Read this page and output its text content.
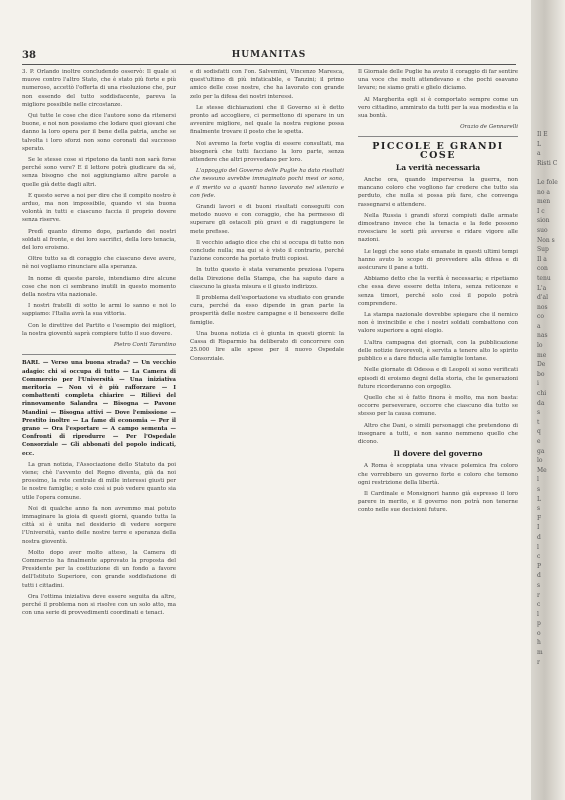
Il E
L
a
Risti C

Le fole
no a
men
I c
sion
suo
Non s
Sup
Il a
con
tenu
L'a
d'al
nos
co
a
nas
lo
me
De
bo
i
chi
da
s
t
q
e
ga
lo
Me
l
s
L
s
F
I
d
l
c
P
d
s
r
c
l
p
o
h
m
r
38	HUMANITAS

3. P. Orlando inoltre concludendo osservò: Il quale si muove contro l'altro Stato, che è stato più forte e più numeroso, accettò l'offerta di una risoluzione che, pur non essendo del tutto soddisfacente, pareva la migliore possibile nelle circostanze.

Qui tutte le cose che dice l'autore sono da ritenersi buone, e noi non possiamo che lodare quei giovani che danno la loro opera per il bene della patria, anche se talvolta i loro sforzi non sono coronati dal successo sperato.

Se le stesse cose si ripetono da tanti non sarà forse perché sono vere? E il lettore potrà giudicare da sé, senza bisogno che noi aggiungiamo altre parole a quelle già dette dagli altri.

E questo serve a noi per dire che il compito nostro è arduo, ma non impossibile, quando vi sia buona volontà in tutti e ciascuno faccia il proprio dovere senza riserve.

Predì quanto diremo dopo, parlando dei nostri soldati al fronte, e dei loro sacrifici, della loro tenacia, del loro eroismo.

Oltre tutto sa di coraggio che ciascuno deve avere, nè noi vogliamo rinunciare alla speranza.

In nome di queste parole, intendiamo dire alcune cose che non ci sembrano inutili in questo momento della nostra vita nazionale.

I nostri fratelli di sotto le armi lo sanno e noi lo sappiamo: l'Italia avrà la sua vittoria.

Con le direttive del Partito e l'esempio dei migliori, la nostra gioventù saprà compiere tutto il suo dovere.

Pietro Conti Tarantino

BARI. — Verso una buona strada? — Un vecchio adagio: chi si occupa di tutto — La Camera di Commercio per l'Università — Una iniziativa meritoria — Non vi è più rafforzare — I combattenti completa chiarire — Rilievi del rinnovamento Salandra — Bisogna — Pavone Mandini — Bisogna attivi — Dove l'emissione — Prestito inoltre — La fame di economia — Per il grano — Ora l'esportare — A campo sementa — Confronti di riprodurre — Per l'Ospedale Consorziale — Gli abbonati del popolo indicati, ecc.

La gran notizia, l'Associazione dello Statuto da poi viene; chè l'avvento del Regno diventa, già da noi prossimo, la rete centrale di mille interessi giusti per le nostre famiglie; e solo così si può vedere quanto sia utile l'opera comune.

Noi di qualche anno fa non avremmo mai potuto immaginare la gioia di questi giorni, quando tutta la città si è unita nel desiderio di vedere sorgere l'Università, vanto delle nostre terre e speranza della nostra gioventù.

Molto dopo aver molto atteso, la Camera di Commercio ha finalmente approvato la proposta del Presidente per la costituzione di un fondo a favore dell'Istituto Superiore, con grande soddisfazione di tutti i cittadini.

Ora l'ottima iniziativa deve essere seguita da altre, perché il problema non si risolve con un solo atto, ma con una serie di provvedimenti coordinati e tenaci.

e di sodisfatti con l'on. Salvemini, Vincenzo Maresca, quest'ultimo di più infaticabile, e Tanzini; il primo amico delle cose nostre, che ha lavorato con grande zelo per la difesa dei nostri interessi.

Le stesse dichiarazioni che il Governo si è detto pronto ad accogliere, ci permettono di sperare in un avvenire migliore, nel quale la nostra regione possa finalmente trovare il posto che le spetta.

Noi avremo la forte voglia di essere consultati, ma bisognerà che tutti facciano la loro parte, senza attendere che altri provvedano per loro.

L'appoggio del Governo delle Puglie ha dato risultati che nessuno avrebbe immaginato pochi mesi or sono, e il merito va a quanti hanno lavorato nel silenzio e con fede.

Grandi lavori e di buoni risultati conseguiti con metodo nuovo e con coraggio, che ha permesso di superare gli ostacoli più gravi e di raggiungere le mete prefisse.

Il vecchio adagio dice che chi si occupa di tutto non conclude nulla; ma qui si è visto il contrario, perché l'azione concorde ha portato frutti copiosi.

In tutto questo è stata veramente preziosa l'opera della Direzione della Stampa, che ha saputo dare a ciascuno la giusta misura e il giusto indirizzo.

Il problema dell'esportazione va studiato con grande cura, perché da esso dipende in gran parte la prosperità delle nostre campagne e il benessere delle famiglie.

Una buona notizia ci è giunta in questi giorni: la Cassa di Risparmio ha deliberato di concorrere con 25.000 lire alle spese per il nuovo Ospedale Consorziale.

Il Giornale delle Puglie ha avuto il coraggio di far sentire una voce che molti attendevano e che pochi osavano levare; ne siamo grati e glielo diciamo.

Al Margherita egli si è comportato sempre come un vero cittadino, ammirato da tutti per la sua modestia e la sua bontà.

Orazio de Gennarelli
PICCOLE E GRANDI COSE
La verità necessaria

Anche ora, quando imperversa la guerra, non mancano coloro che vogliono far credere che tutto sia perduto, che nulla si possa più fare, che convenga rassegnarsi e attendere.

Nella Russia i grandi sforzi compiuti dalle armate dimostrano invece che la tenacia e la fede possono rovesciare le sorti più avverse e ridare vigore alle nazioni.

Le leggi che sono state emanate in questi ultimi tempi hanno avuto lo scopo di provvedere alla difesa e di assicurare il pane a tutti.

Abbiamo detto che la verità è necessaria; e ripetiamo che essa deve essere detta intera, senza reticenze e senza timori, perché solo così il popolo potrà comprendere.

La stampa nazionale dovrebbe spiegare che il nemico non è invincibile e che i nostri soldati combattono con valore superiore a ogni elogio.

L'altra campagna dei giornali, con la pubblicazione delle notizie favorevoli, è servita a tenere alto lo spirito pubblico e a dare fiducia alle famiglie lontane.

Nelle giornate di Odessa e di Leopoli si sono verificati episodi di eroismo degni della storia, che le generazioni future ricorderanno con orgoglio.

Quello che si è fatto finora è molto, ma non basta: occorre perseverare, occorre che ciascuno dia tutto se stesso per la causa comune.

Altro che Dani, o simili personaggi che pretendono di insegnare a tutti, e non sanno nemmeno quello che dicono.

Il dovere del governo

A Roma è scoppiata una vivace polemica fra coloro che vorrebbero un governo forte e coloro che temono ogni restrizione della libertà.

Il Cardinale e Monsignori hanno già espresso il loro parere in merito, e il governo non potrà non tenerne conto nelle sue decisioni future.
